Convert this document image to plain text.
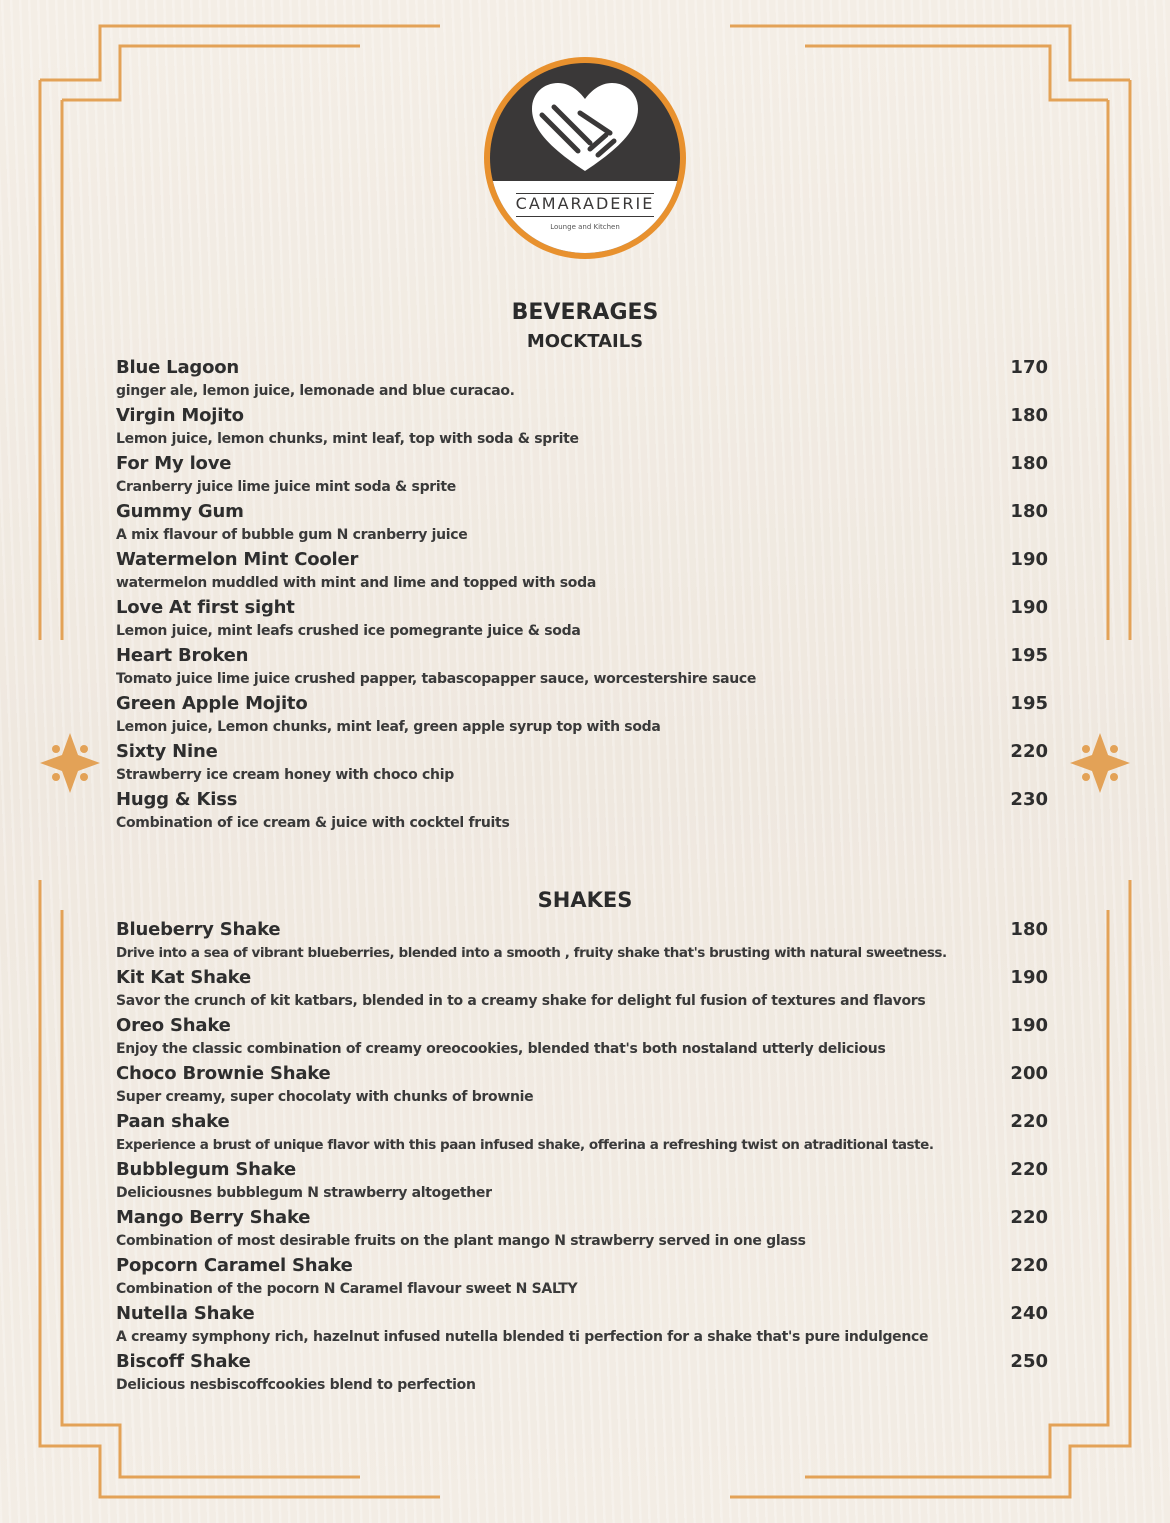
CAMARADERIE
Lounge and Kitchen
BEVERAGES
MOCKTAILS
SHAKES
Blue Lagoon	170
ginger ale, lemon juice, lemonade and blue curacao.
Virgin Mojito	180
Lemon juice, lemon chunks, mint leaf, top with soda & sprite
For My love	180
Cranberry juice lime juice mint soda & sprite
Gummy Gum	180
A mix flavour of bubble gum N cranberry juice
Watermelon Mint Cooler	190
watermelon muddled with mint and lime and topped with soda
Love At first sight	190
Lemon juice, mint leafs crushed ice pomegrante juice & soda
Heart Broken	195
Tomato juice lime juice crushed papper, tabascopapper sauce, worcestershire sauce
Green Apple Mojito	195
Lemon juice, Lemon chunks, mint leaf, green apple syrup top with soda
Sixty Nine	220
Strawberry ice cream honey with choco chip
Hugg & Kiss	230
Combination of ice cream & juice with cocktel fruits
Blueberry Shake	180
Drive into a sea of vibrant blueberries, blended into a smooth , fruity shake that's brusting with natural sweetness.
Kit Kat Shake	190
Savor the crunch of kit katbars, blended in to a creamy shake for delight ful fusion of textures and flavors
Oreo Shake	190
Enjoy the classic combination of creamy oreocookies, blended that's both nostaland utterly delicious
Choco Brownie Shake	200
Super creamy, super chocolaty with chunks of brownie
Paan shake	220
Experience a brust of unique flavor with this paan infused shake, offerina a refreshing twist on atraditional taste.
Bubblegum Shake	220
Deliciousnes bubblegum N strawberry altogether
Mango Berry Shake	220
Combination of most desirable fruits on the plant mango N strawberry served in one glass
Popcorn Caramel Shake	220
Combination of the pocorn N Caramel flavour sweet N SALTY
Nutella Shake	240
A creamy symphony rich, hazelnut infused nutella blended ti perfection for a shake that's pure indulgence
Biscoff Shake	250
Delicious nesbiscoffcookies blend to perfection
